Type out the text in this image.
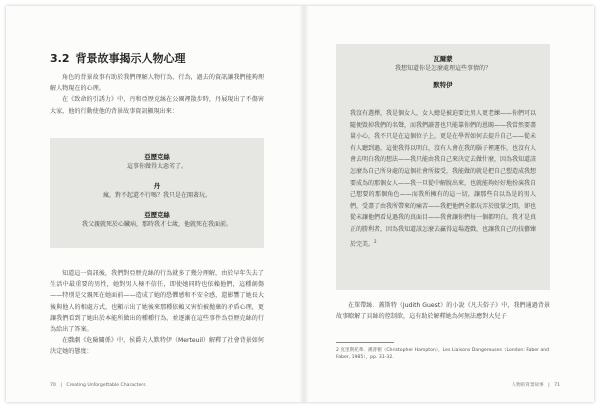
3.2 背景故事揭示人物心理

角色的背景故事有助於我們理解人物行為、行為，過去的資訊讓我們能夠理解人物現在的心理。

在《致命的引誘力》中，丹和亞歷克絲在公園裡散步時，丹展現出了不傷害大家，他的行動使他的背景故事資訊顯現出來：

亞歷克絲
這事你做得太惡劣了。
丹
瘋，對不起還不行嗎？我只是在開著玩。
亞歷克絲
我父親就死於心臟病，那時我才七歲，他就死在我面前。

知道這一資訊後，我們對亞歷克絲的行為就多了幾分理解，由於早年失去了生活中最重要的男性，她對男人極不信任，即使她同時也依賴他們，這種創傷——特別是父親死在她面前——造成了她的恐懼感和不安全感，還影響了她長大後與他人的相處方式，也顯示出了她後來那種依賴又害怕被拋棄的矛盾心理，更讓我們看到了她出於本能所做出的種種行為，並逐漸在這些事件為亞歷克絲的行為給出了答案。

在戲劇《危險關係》中，侯爵夫人默特伊（Merteuil）解釋了社會背景如何決定她的態度：

70 | Creating Unforgettable Characters
瓦爾蒙
我想知道你是怎麼處理這些事情的？
默特伊
我沒有選擇，我是個女人，女人總是被迫要比男人更老練——你們可以隨便毀掉我們的名聲，而我們讀書也只能靠你們的恩賜——我當然要盡量小心，我不只是在這個位子上，更是在學習如何去提升自己——從未有人聽到過，這使我得以明白，沒有人會在我的腦子裡運作，也沒有人會去明白我的想法——我只能由我自己來決定去做什麼，因為我知道該怎麼為自己所身處的這個社會所接受，我能做的就是把自己塑造成我想要成為的那個女人——我一旦從中解脫出來，也就能夠好好地扮演我自己想要的那個角色——而我所擁有的這一切，讓那些自以為是的男人們，受盡了由我所帶來的痛苦——我把他們全都玩弄於股掌之間，卻也從未讓他們看見過我的真面目——我會讓你們每一個都明白，我才是真正的勝利者，因為我知道該怎麼去贏得這場遊戲，也讓我自己的技藝臻於完美。$^2$

在單帶絲．蓋斯特（Judith Guest）的小說《凡夫俗子》中，我們通過背景故事瞭解了貝絲的控制欲，這有助於解釋她為何無法應對大兒子

2 克里斯托弗．漢普頓（Christopher Hampton），Les Liaisons Dangereuses（London: Faber and Faber, 1985），pp. 31-32.
人物的背景故事 | 71
